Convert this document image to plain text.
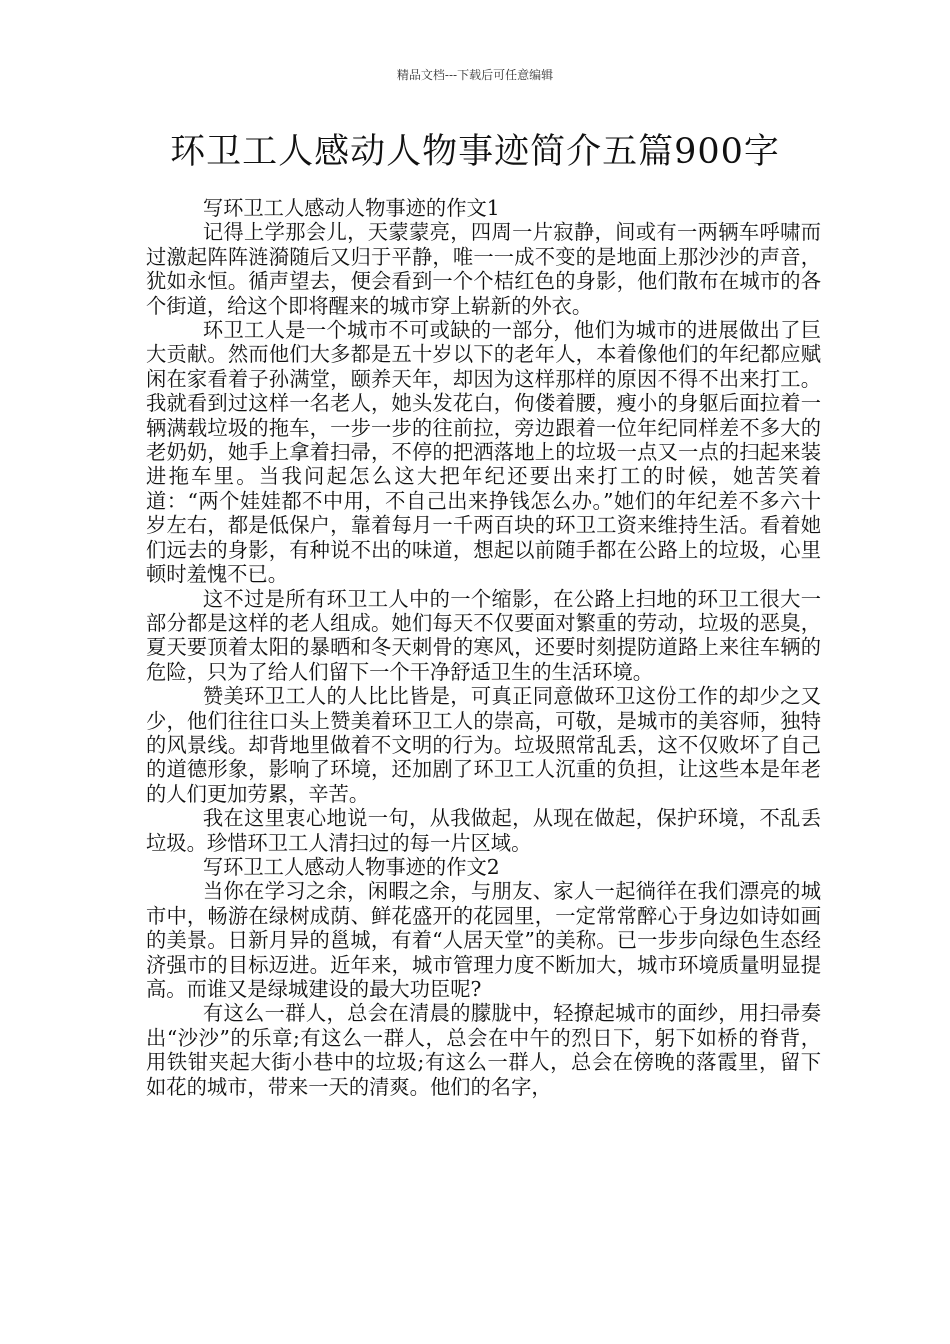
精品文档---下载后可任意编辑
环卫工人感动人物事迹简介五篇900字

写环卫工人感动人物事迹的作文1

记得上学那会儿，天蒙蒙亮，四周一片寂静，间或有一两辆车呼啸而过激起阵阵涟漪随后又归于平静，唯一一成不变的是地面上那沙沙的声音，犹如永恒。循声望去，便会看到一个个桔红色的身影，他们散布在城市的各个街道，给这个即将醒来的城市穿上崭新的外衣。

环卫工人是一个城市不可或缺的一部分，他们为城市的进展做出了巨大贡献。然而他们大多都是五十岁以下的老年人，本着像他们的年纪都应赋闲在家看着子孙满堂，颐养天年，却因为这样那样的原因不得不出来打工。我就看到过这样一名老人，她头发花白，佝偻着腰，瘦小的身躯后面拉着一辆满载垃圾的拖车，一步一步的往前拉，旁边跟着一位年纪同样差不多大的老奶奶，她手上拿着扫帚，不停的把洒落地上的垃圾一点又一点的扫起来装进拖车里。当我问起怎么这大把年纪还要出来打工的时候，她苦笑着道：“两个娃娃都不中用，不自己出来挣钱怎么办。”她们的年纪差不多六十岁左右，都是低保户，靠着每月一千两百块的环卫工资来维持生活。看着她们远去的身影，有种说不出的味道，想起以前随手都在公路上的垃圾，心里顿时羞愧不已。

这不过是所有环卫工人中的一个缩影，在公路上扫地的环卫工很大一部分都是这样的老人组成。她们每天不仅要面对繁重的劳动，垃圾的恶臭，夏天要顶着太阳的暴晒和冬天刺骨的寒风，还要时刻提防道路上来往车辆的危险，只为了给人们留下一个干净舒适卫生的生活环境。

赞美环卫工人的人比比皆是，可真正同意做环卫这份工作的却少之又少，他们往往口头上赞美着环卫工人的崇高，可敬，是城市的美容师，独特的风景线。却背地里做着不文明的行为。垃圾照常乱丢，这不仅败坏了自己的道德形象，影响了环境，还加剧了环卫工人沉重的负担，让这些本是年老的人们更加劳累，辛苦。

我在这里衷心地说一句，从我做起，从现在做起，保护环境，不乱丢垃圾。珍惜环卫工人清扫过的每一片区域。

写环卫工人感动人物事迹的作文2

当你在学习之余，闲暇之余，与朋友、家人一起徜徉在我们漂亮的城市中，畅游在绿树成荫、鲜花盛开的花园里，一定常常醉心于身边如诗如画的美景。日新月异的邕城，有着“人居天堂”的美称。已一步步向绿色生态经济强市的目标迈进。近年来，城市管理力度不断加大，城市环境质量明显提高。而谁又是绿城建设的最大功臣呢?

有这么一群人，总会在清晨的朦胧中，轻撩起城市的面纱，用扫帚奏出“沙沙”的乐章;有这么一群人，总会在中午的烈日下，躬下如桥的脊背，用铁钳夹起大街小巷中的垃圾;有这么一群人，总会在傍晚的落霞里，留下如花的城市，带来一天的清爽。他们的名字，
